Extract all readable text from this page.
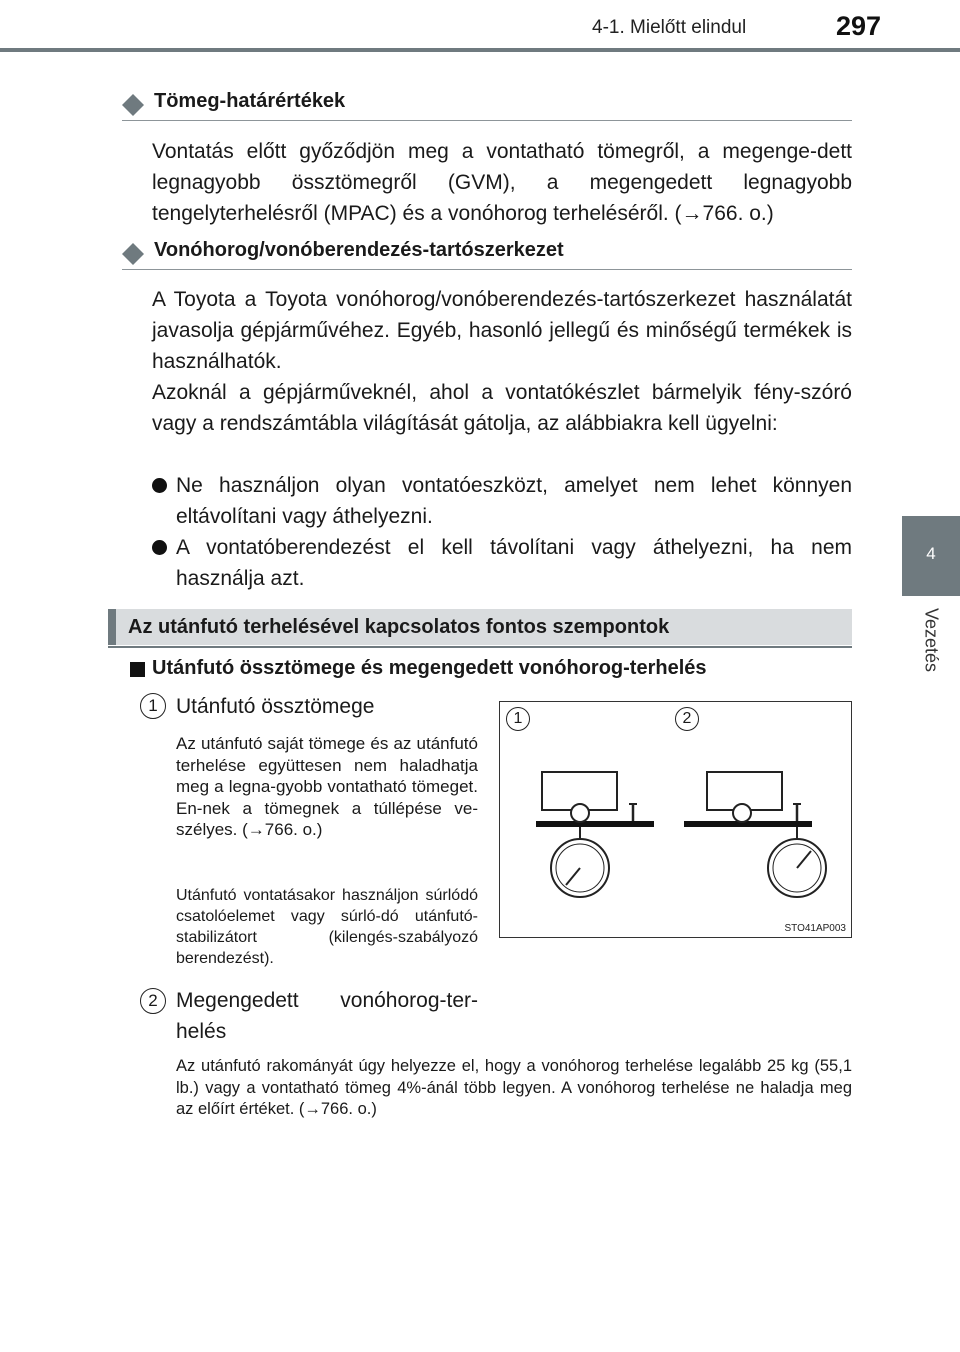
4-1. Mielőtt elindul	297
4
Vezetés
Tömeg-határértékek
Vontatás előtt győződjön meg a vontatható tömegről, a megenge-dett legnagyobb össztömegről (GVM), a megengedett legnagyobb tengelyterhelésről (MPAC) és a vonóhorog terheléséről. (→766. o.)
Vonóhorog/vonóberendezés-tartószerkezet
A Toyota a Toyota vonóhorog/vonóberendezés-tartószerkezet használatát javasolja gépjárművéhez. Egyéb, hasonló jellegű és minőségű termékek is használhatók.
Azoknál a gépjárműveknél, ahol a vontatókészlet bármelyik fény-szóró vagy a rendszámtábla világítását gátolja, az alábbiakra kell ügyelni:
Ne használjon olyan vontatóeszközt, amelyet nem lehet könnyen eltávolítani vagy áthelyezni.
A vontatóberendezést el kell távolítani vagy áthelyezni, ha nem használja azt.
Az utánfutó terhelésével kapcsolatos fontos szempontok
Utánfutó össztömege és megengedett vonóhorog-terhelés
1 Utánfutó össztömege
Az utánfutó saját tömege és az utánfutó terhelése együttesen nem haladhatja meg a legna-gyobb vontatható tömeget. En-nek a tömegnek a túllépése ve-szélyes. (→766. o.)
Utánfutó vontatásakor használjon súrlódó csatolóelemet vagy súrló-dó utánfutó-stabilizátort (kilengés-szabályozó berendezést).
2 Megengedett vonóhorog-ter-
helés
Az utánfutó rakományát úgy helyezze el, hogy a vonóhorog terhelése legalább 25 kg (55,1 lb.) vagy a vontatható tömeg 4%-ánál több legyen. A vonóhorog terhelése ne haladja meg az előírt értéket. (→766. o.)
1	2
STO41AP003
